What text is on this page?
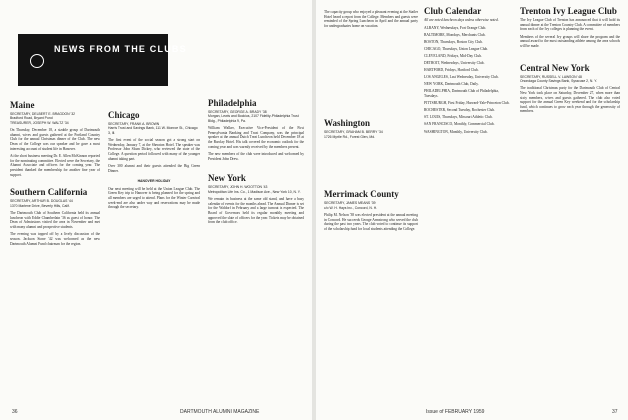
NEWS FROM THE CLUBS

Maine

SECRETARY, DELBERT E. BRAGDON '32

Bradford Road, Bryant Pond

TREASURER, JOSEPH W. WALTZ '34

On Thursday, December 18, a sizable group of Dartmouth alumni, wives and guests gathered at the Portland Country Club for the annual Christmas dinner of the Club. The new Dean of the College was our speaker and he gave a most interesting account of student life in Hanover.

At the short business meeting Dr. E. Allen McKinnon reported for the nominating committee. Elected were the Secretary, the Alumni Associate and officers for the coming year. The president thanked the membership for another fine year of support.

Southern California

SECRETARY, ARTHUR B. DOUGLAS '44

1370 Marlene Drive, Beverly Hills, Calif.

The Dartmouth Club of Southern California held its annual luncheon with Eddie Chamberlain '36 as guest of honor. The Dean of Admissions visited the area in November and met with many alumni and prospective students.

The evening was topped off by a lively discussion of the season. Jackson Stone '42 was welcomed as the new Dartmouth Alumni Fund chairman for the region.

Chicago

SECRETARY, FRANK A. BROWN

Harris Trust and Savings Bank, 111 W. Monroe St., Chicago 3, Ill.

The first event of the social season got a strong start on Wednesday, January 7, at the Sheraton Hotel. The speaker was Professor John Sloan Dickey, who reviewed the state of the College. A question period followed with many of the younger alumni taking part.

Over 300 alumni and their guests attended the Big Green Dinner.

HANOVER HOLIDAY

Our next meeting will be held at the Union League Club. The Green Key trip to Hanover is being planned for the spring and all members are urged to attend. Plans for the Winter Carnival week-end are also under way and reservations may be made through the secretary.

Philadelphia

SECRETARY, GEORGE A. BRADY '38

Morgan, Lewis and Bockius, 2107 Fidelity-Philadelphia Trust Bldg., Philadelphia 9, Pa.

William Walker, Executive Vice-President of the First Pennsylvania Banking and Trust Company, was the principal speaker at the annual Dutch Treat Luncheon held December 18 at the Barclay Hotel. His talk covered the economic outlook for the coming year and was warmly received by the members present.

The new members of the club were introduced and welcomed by President John Drew.

New York

SECRETARY, JOHN H. WOOTTON '43

Metropolitan Life Ins. Co., 1 Madison Ave., New York 10, N. Y.

We remain in business at the same old stand, and have a busy calendar of events for the months ahead. The Annual Dinner is set for the Waldorf in February and a large turnout is expected. The Board of Governors held its regular monthly meeting and approved the slate of officers for the year. Tickets may be obtained from the club office.

36	DARTMOUTH ALUMNI MAGAZINE

The capacity group who enjoyed a pleasant evening at the Statler Hotel heard a report from the College. Members and guests were reminded of the Spring Luncheon in April and the annual party for undergraduates home on vacation.

Washington

SECRETARY, GRAHAM B. BERRY '34

1726 Myrtle Rd., Forest Glen, Md.

Merrimack County

SECRETARY, JAMES MEANS '39

c/o W. H. Hays Inc., Concord, N. H.

Philip M. Nelson '38 was elected president at the annual meeting in Concord. He succeeds George Armstrong who served the club during the past two years. The club voted to continue its support of the scholarship fund for local students attending the College.

Club Calendar

All are noted luncheon days unless otherwise noted.

ALBANY, Wednesdays, Fort Orange Club.

BALTIMORE, Mondays, Merchants Club.

BOSTON, Thursdays, Boston City Club.

CHICAGO, Thursdays, Union League Club.

CLEVELAND, Fridays, Mid-Day Club.

DETROIT, Wednesdays, University Club.

HARTFORD, Fridays, Hartford Club.

LOS ANGELES, Last Wednesday, University Club.

NEW YORK, Dartmouth Club, Daily.

PHILADELPHIA, Dartmouth Club of Philadelphia, Tuesdays.

PITTSBURGH, First Friday, Harvard-Yale-Princeton Club.

ROCHESTER, Second Tuesday, Rochester Club.

ST. LOUIS, Thursdays, Missouri Athletic Club.

SAN FRANCISCO, Monthly, Commercial Club.

WASHINGTON, Monthly, University Club.

Trenton Ivy League Club

The Ivy League Club of Trenton has announced that it will hold its annual dinner at the Trenton Country Club. A committee of members from each of the Ivy colleges is planning the event.

Members of the several Ivy groups will share the program and the annual award to the most outstanding athlete among the area schools will be made.

Central New York

SECRETARY, RUSSELL V. LAWSON '48

Onondaga County Savings Bank, Syracuse 2, N. Y.

The traditional Christmas party for the Dartmouth Club of Central New York took place on Saturday, December 27, when more than sixty members, wives and guests gathered. The club also voted support for the annual Green Key weekend and for the scholarship fund, which continues to grow each year through the generosity of members.

Issue of FEBRUARY 1959	37
